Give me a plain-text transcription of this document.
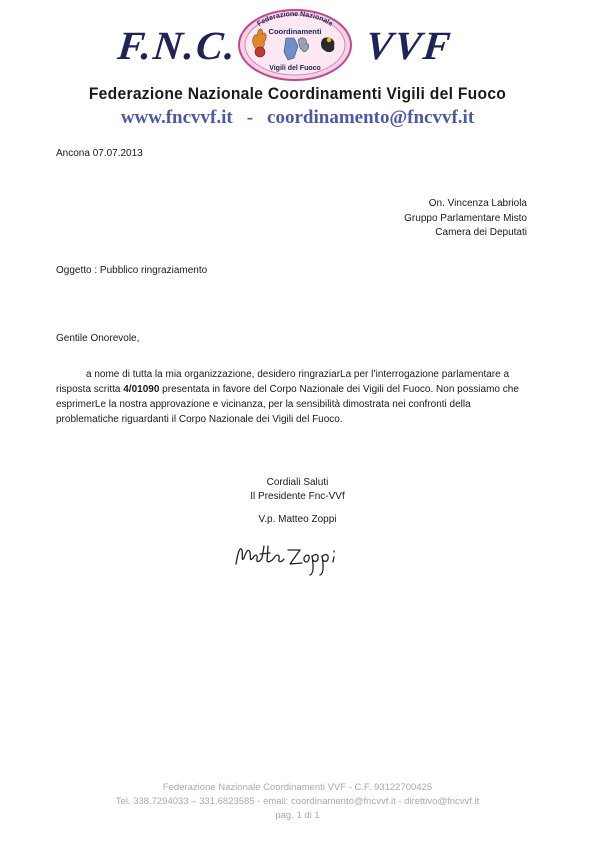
F.N.C. Federazione Nazionale
Coordinamenti
Vigili del Fuoco
VVF
Federazione Nazionale Coordinamenti Vigili del Fuoco
www.fncvvf.it - coordinamento@fncvvf.it
Ancona 07.07.2013
On. Vincenza Labriola
Gruppo Parlamentare Misto
Camera dei Deputati
Oggetto : Pubblico ringraziamento
Gentile Onorevole,

a nome di tutta la mia organizzazione, desidero ringraziarLa per l’interrogazione parlamentare a risposta scritta 4/01090 presentata in favore del Corpo Nazionale dei Vigili del Fuoco. Non possiamo che esprimerLe la nostra approvazione e vicinanza, per la sensibilità dimostrata nei confronti della problematiche riguardanti il Corpo Nazionale dei Vigili del Fuoco.

Cordiali Saluti
Il Presidente Fnc-VVf
V.p. Matteo Zoppi
Federazione Nazionale Coordinamenti VVF - C.F. 93122700425
Tel. 338.7294033 – 331.6823585 - email: coordinamento@fncvvf.it - direttivo@fncvvf.it
pag. 1 di 1
